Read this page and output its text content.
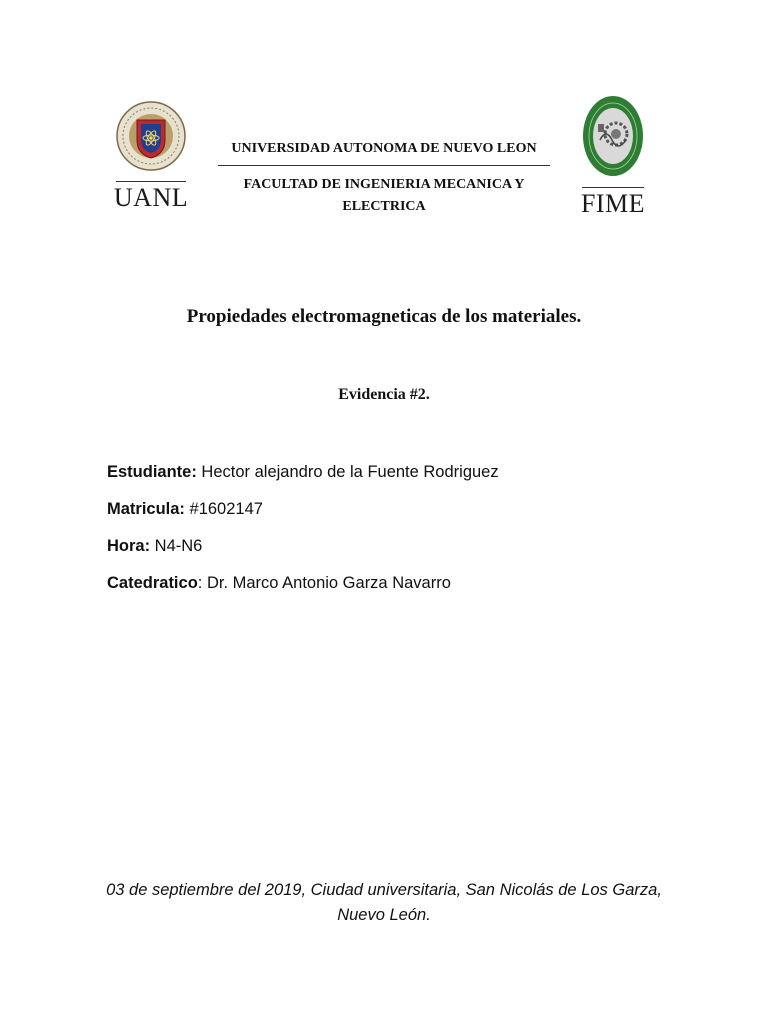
UANL
UNIVERSIDAD AUTONOMA DE NUEVO LEON
FACULTAD DE INGENIERIA MECANICA Y ELECTRICA	FIME
Propiedades electromagneticas de los materiales.
Evidencia #2.
Estudiante: Hector alejandro de la Fuente Rodriguez
Matricula: #1602147
Hora: N4-N6
Catedratico: Dr. Marco Antonio Garza Navarro
03 de septiembre del 2019, Ciudad universitaria, San Nicolás de Los Garza, Nuevo León.
